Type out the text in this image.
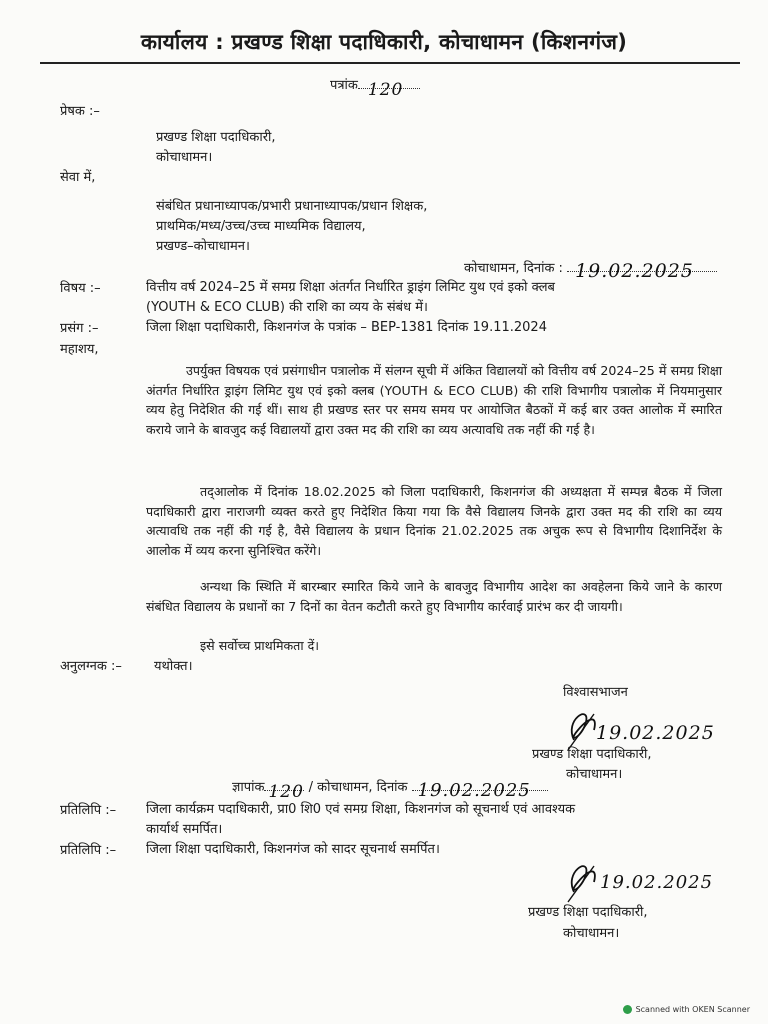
कार्यालय : प्रखण्ड शिक्षा पदाधिकारी, कोचाधामन (किशनगंज)
पत्रांक 120
प्रेषक :–
प्रखण्ड शिक्षा पदाधिकारी,
कोचाधामन।
सेवा में,
संबंधित प्रधानाध्यापक/प्रभारी प्रधानाध्यापक/प्रधान शिक्षक,
प्राथमिक/मध्य/उच्च/उच्च माध्यमिक विद्यालय,
प्रखण्ड–कोचाधामन।
कोचाधामन, दिनांक : 19.02.2025
विषय :–	वित्तीय वर्ष 2024–25 में समग्र शिक्षा अंतर्गत निर्धारित ड्राइंग लिमिट युथ एवं इको क्लब
(YOUTH & ECO CLUB) की राशि का व्यय के संबंध में।
प्रसंग :–	जिला शिक्षा पदाधिकारी, किशनगंज के पत्रांक – BEP-1381 दिनांक 19.11.2024
महाशय,
उपर्युक्त विषयक एवं प्रसंगाधीन पत्रालोक में संलग्न सूची में अंकित विद्यालयों को वित्तीय वर्ष 2024–25 में समग्र शिक्षा अंतर्गत निर्धारित ड्राइंग लिमिट युथ एवं इको क्लब (YOUTH & ECO CLUB) की राशि विभागीय पत्रालोक में नियमानुसार व्यय हेतु निदेशित की गई थीं। साथ ही प्रखण्ड स्तर पर समय समय पर आयोजित बैठकों में कई बार उक्त आलोक में स्मारित कराये जाने के बावजुद कई विद्यालयों द्वारा उक्त मद की राशि का व्यय अत्यावधि तक नहीं की गई है।
तद्आलोक में दिनांक 18.02.2025 को जिला पदाधिकारी, किशनगंज की अध्यक्षता में सम्पन्न बैठक में जिला पदाधिकारी द्वारा नाराजगी व्यक्त करते हुए निदेशित किया गया कि वैसे विद्यालय जिनके द्वारा उक्त मद की राशि का व्यय अत्यावधि तक नहीं की गई है, वैसे विद्यालय के प्रधान दिनांक 21.02.2025 तक अचुक रूप से विभागीय दिशानिर्देश के आलोक में व्यय करना सुनिश्चित करेंगे।
अन्यथा कि स्थिति में बारम्बार स्मारित किये जाने के बावजुद विभागीय आदेश का अवहेलना किये जाने के कारण संबंधित विद्यालय के प्रधानों का 7 दिनों का वेतन कटौती करते हुए विभागीय कार्रवाई प्रारंभ कर दी जायगी।
इसे सर्वोच्च प्राथमिकता दें।
अनुलग्नक :– यथोक्त।
विश्वासभाजन
19.02.2025
प्रखण्ड शिक्षा पदाधिकारी,
कोचाधामन।
ज्ञापांक 120 / कोचाधामन, दिनांक 19.02.2025
प्रतिलिपि :– जिला कार्यक्रम पदाधिकारी, प्रा0 शि0 एवं समग्र शिक्षा, किशनगंज को सूचनार्थ एवं आवश्यक
कार्यार्थ समर्पित।
प्रतिलिपि :– जिला शिक्षा पदाधिकारी, किशनगंज को सादर सूचनार्थ समर्पित।
19.02.2025
प्रखण्ड शिक्षा पदाधिकारी,
कोचाधामन।
Scanned with OKEN Scanner
